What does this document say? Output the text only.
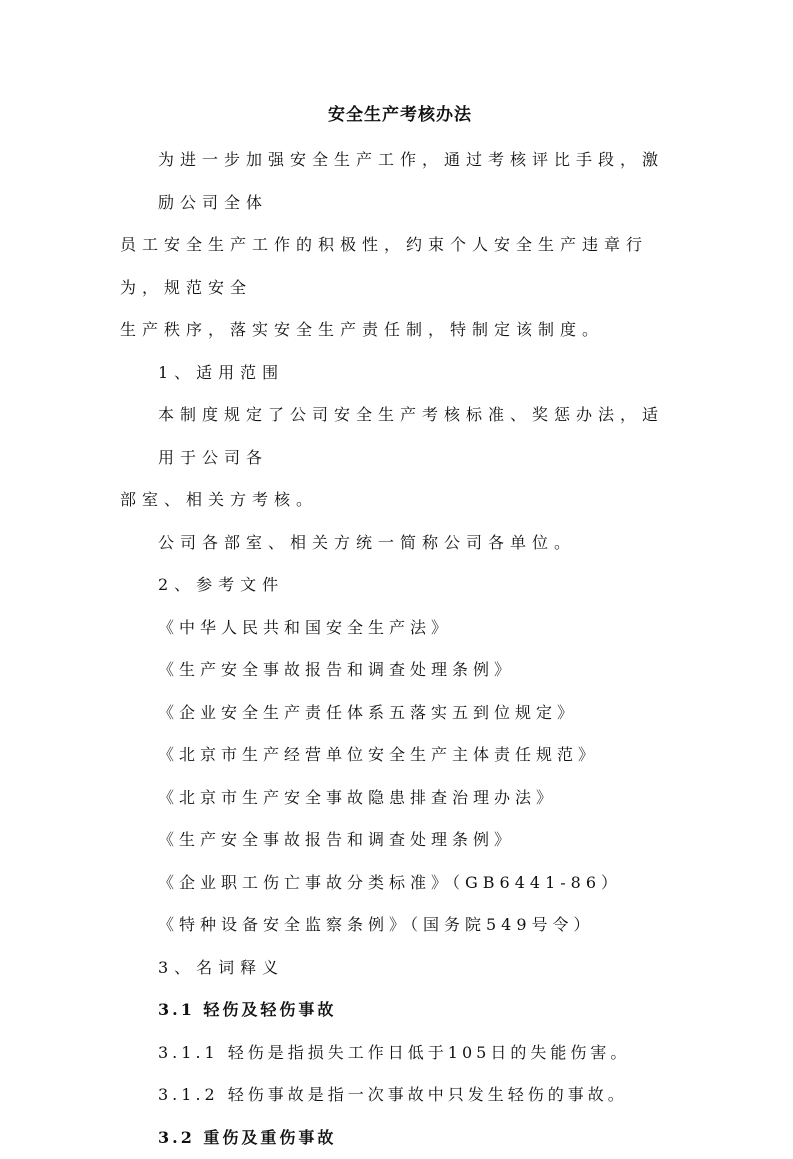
安全生产考核办法
为进一步加强安全生产工作，通过考核评比手段，激励公司全体
员工安全生产工作的积极性，约束个人安全生产违章行为，规范安全
生产秩序，落实安全生产责任制，特制定该制度。
1、适用范围
本制度规定了公司安全生产考核标准、奖惩办法，适用于公司各
部室、相关方考核。
公司各部室、相关方统一简称公司各单位。
2、参考文件
《中华人民共和国安全生产法》
《生产安全事故报告和调查处理条例》
《企业安全生产责任体系五落实五到位规定》
《北京市生产经营单位安全生产主体责任规范》
《北京市生产安全事故隐患排查治理办法》
《生产安全事故报告和调查处理条例》
《企业职工伤亡事故分类标准》（GB6441-86）
《特种设备安全监察条例》（国务院549号令）
3、名词释义
3.1 轻伤及轻伤事故
3.1.1 轻伤是指损失工作日低于105日的失能伤害。
3.1.2 轻伤事故是指一次事故中只发生轻伤的事故。
3.2 重伤及重伤事故
